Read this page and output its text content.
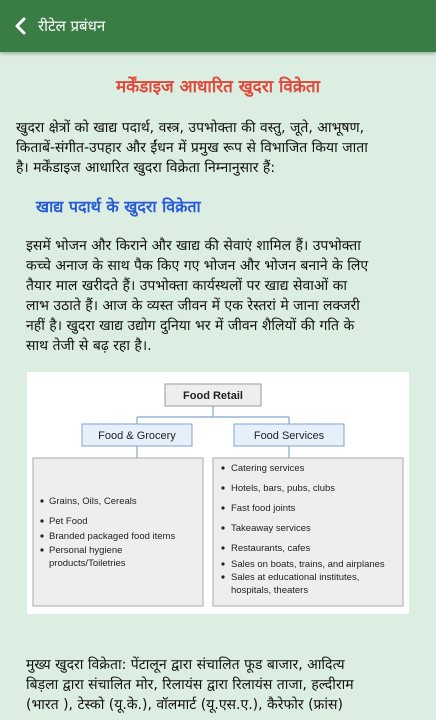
रीटेल प्रबंधन
मर्केंडाइज आधारित खुदरा विक्रेता
खुदरा क्षेत्रों को खाद्य पदार्थ, वस्त्र, उपभोक्ता की वस्तु, जूते, आभूषण,
किताबें-संगीत-उपहार और ईंधन में प्रमुख रूप से विभाजित किया जाता
है। मर्केंडाइज आधारित खुदरा विक्रेता निम्नानुसार हैं:
खाद्य पदार्थ के खुदरा विक्रेता
इसमें भोजन और किराने और खाद्य की सेवाएं शामिल हैं। उपभोक्ता
कच्चे अनाज के साथ पैक किए गए भोजन और भोजन बनाने के लिए
तैयार माल खरीदते हैं। उपभोक्ता कार्यस्थलों पर खाद्य सेवाओं का
लाभ उठाते हैं। आज के व्यस्त जीवन में एक रेस्तरां मे जाना लक्जरी
नहीं है। खुदरा खाद्य उद्योग दुनिया भर में जीवन शैलियों की गति के
साथ तेजी से बढ़ रहा है।.
Food Retail
Food & Grocery	Food Services
Grains, Oils, Cereals
Pet Food
Branded packaged food items
Personal hygiene
products/Toiletries
Catering services
Hotels, bars, pubs, clubs
Fast food joints
Takeaway services
Restaurants, cafes
Sales on boats, trains, and airplanes
Sales at educational institutes,
hospitals, theaters
मुख्य खुदरा विक्रेता: पेंटालून द्वारा संचालित फूड बाजार, आदित्य
बिड़ला द्वारा संचालित मोर, रिलायंस द्वारा रिलायंस ताजा, हल्दीराम
(भारत ), टेस्को (यू.के.), वॉलमार्ट (यू.एस.ए.), कैरेफोर (फ्रांस)
